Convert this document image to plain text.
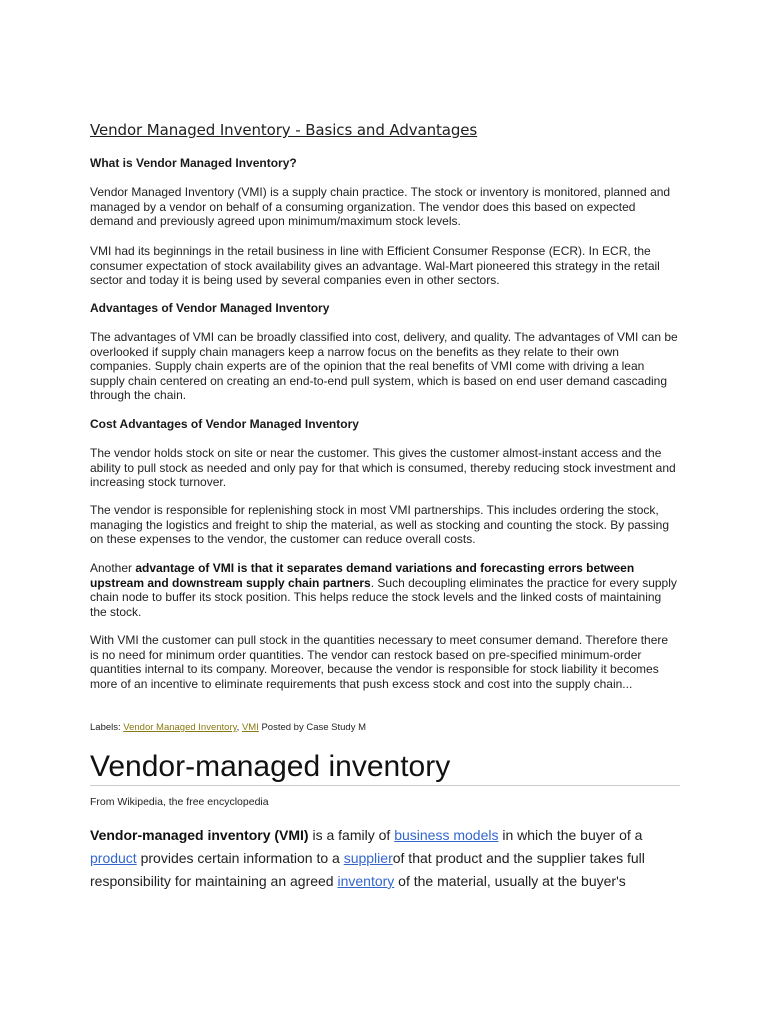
Vendor Managed Inventory - Basics and Advantages
What is Vendor Managed Inventory?

Vendor Managed Inventory (VMI) is a supply chain practice. The stock or inventory is monitored, planned and managed by a vendor on behalf of a consuming organization. The vendor does this based on expected demand and previously agreed upon minimum/maximum stock levels.

VMI had its beginnings in the retail business in line with Efficient Consumer Response (ECR). In ECR, the consumer expectation of stock availability gives an advantage. Wal-Mart pioneered this strategy in the retail sector and today it is being used by several companies even in other sectors.

Advantages of Vendor Managed Inventory

The advantages of VMI can be broadly classified into cost, delivery, and quality. The advantages of VMI can be overlooked if supply chain managers keep a narrow focus on the benefits as they relate to their own companies. Supply chain experts are of the opinion that the real benefits of VMI come with driving a lean supply chain centered on creating an end-to-end pull system, which is based on end user demand cascading through the chain.

Cost Advantages of Vendor Managed Inventory

The vendor holds stock on site or near the customer. This gives the customer almost-instant access and the ability to pull stock as needed and only pay for that which is consumed, thereby reducing stock investment and increasing stock turnover.

The vendor is responsible for replenishing stock in most VMI partnerships. This includes ordering the stock, managing the logistics and freight to ship the material, as well as stocking and counting the stock. By passing on these expenses to the vendor, the customer can reduce overall costs.

Another advantage of VMI is that it separates demand variations and forecasting errors between upstream and downstream supply chain partners. Such decoupling eliminates the practice for every supply chain node to buffer its stock position. This helps reduce the stock levels and the linked costs of maintaining the stock.

With VMI the customer can pull stock in the quantities necessary to meet consumer demand. Therefore there is no need for minimum order quantities. The vendor can restock based on pre-specified minimum-order quantities internal to its company. Moreover, because the vendor is responsible for stock liability it becomes more of an incentive to eliminate requirements that push excess stock and cost into the supply chain...

Labels: Vendor Managed Inventory, VMI Posted by Case Study M

Vendor-managed inventory

From Wikipedia, the free encyclopedia

Vendor-managed inventory (VMI) is a family of business models in which the buyer of a product provides certain information to a supplierof that product and the supplier takes full responsibility for maintaining an agreed inventory of the material, usually at the buyer's
